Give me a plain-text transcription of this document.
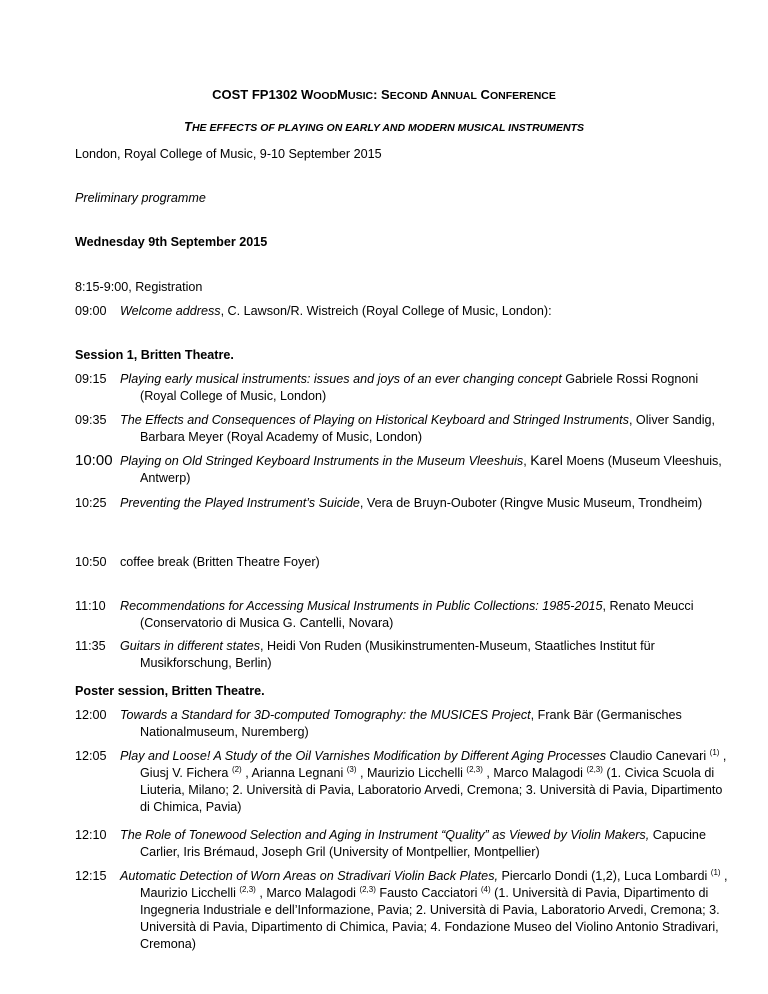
COST FP1302 WOODMUSIC: SECOND ANNUAL CONFERENCE
THE EFFECTS OF PLAYING ON EARLY AND MODERN MUSICAL INSTRUMENTS
London, Royal College of Music, 9-10 September 2015
Preliminary programme
Wednesday 9th September 2015
8:15-9:00, Registration
09:00	Welcome address, C. Lawson/R. Wistreich (Royal College of Music, London):
Session 1, Britten Theatre.
09:15	Playing early musical instruments: issues and joys of an ever changing concept Gabriele Rossi Rognoni (Royal College of Music, London)
09:35	The Effects and Consequences of Playing on Historical Keyboard and Stringed Instruments, Oliver Sandig, Barbara Meyer (Royal Academy of Music, London)
10:00 Playing on Old Stringed Keyboard Instruments in the Museum Vleeshuis, Karel Moens (Museum Vleeshuis, Antwerp)
10:25	Preventing the Played Instrument’s Suicide, Vera de Bruyn-Ouboter (Ringve Music Museum, Trondheim)
10:50	coffee break (Britten Theatre Foyer)
11:10	Recommendations for Accessing Musical Instruments in Public Collections: 1985-2015, Renato Meucci (Conservatorio di Musica G. Cantelli, Novara)
11:35	Guitars in different states, Heidi Von Ruden (Musikinstrumenten-Museum, Staatliches Institut für Musikforschung, Berlin)
Poster session, Britten Theatre.
12:00	Towards a Standard for 3D-computed Tomography: the MUSICES Project, Frank Bär (Germanisches Nationalmuseum, Nuremberg)
12:05	Play and Loose! A Study of the Oil Varnishes Modification by Different Aging Processes Claudio Canevari $^{(1)}$ , Giusj V. Fichera $^{(2)}$ , Arianna Legnani $^{(3)}$ , Maurizio Licchelli $^{(2,3)}$ , Marco Malagodi $^{(2,3)}$ (1. Civica Scuola di Liuteria, Milano; 2. Università di Pavia, Laboratorio Arvedi, Cremona; 3. Università di Pavia, Dipartimento di Chimica, Pavia)
12:10	The Role of Tonewood Selection and Aging in Instrument “Quality” as Viewed by Violin Makers, Capucine Carlier, Iris Brémaud, Joseph Gril (University of Montpellier, Montpellier)
12:15	Automatic Detection of Worn Areas on Stradivari Violin Back Plates, Piercarlo Dondi (1,2), Luca Lombardi $^{(1)}$ , Maurizio Licchelli $^{(2,3)}$ , Marco Malagodi $^{(2,3)}$ Fausto Cacciatori $^{(4)}$ (1. Università di Pavia, Dipartimento di Ingegneria Industriale e dell’Informazione, Pavia; 2. Università di Pavia, Laboratorio Arvedi, Cremona; 3. Università di Pavia, Dipartimento di Chimica, Pavia; 4. Fondazione Museo del Violino Antonio Stradivari, Cremona)
